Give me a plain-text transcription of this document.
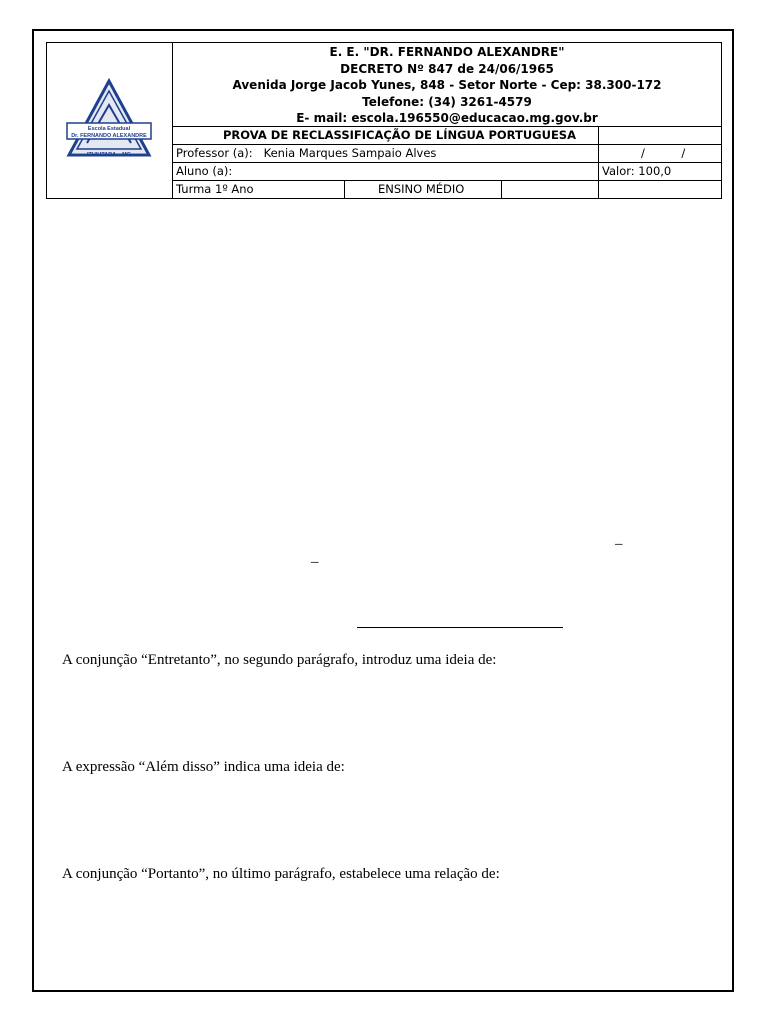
Escola Estadual
Dr. FERNANDO ALEXANDRE
ITUIUTABA – MG
E. E. "DR. FERNANDO ALEXANDRE"
DECRETO Nº 847 de 24/06/1965
Avenida Jorge Jacob Yunes, 848 - Setor Norte - Cep: 38.300-172
Telefone: (34) 3261-4579
E- mail: escola.196550@educacao.mg.gov.br
PROVA DE RECLASSIFICAÇÃO DE LÍNGUA PORTUGUESA
Professor (a): Kenia Marques Sampaio Alves	/          /
Aluno (a):	Valor: 100,0
Turma 1º Ano	ENSINO MÉDIO
–
–
A conjunção “Entretanto”, no segundo parágrafo, introduz uma ideia de:
A expressão “Além disso” indica uma ideia de:
A conjunção “Portanto”, no último parágrafo, estabelece uma relação de:
